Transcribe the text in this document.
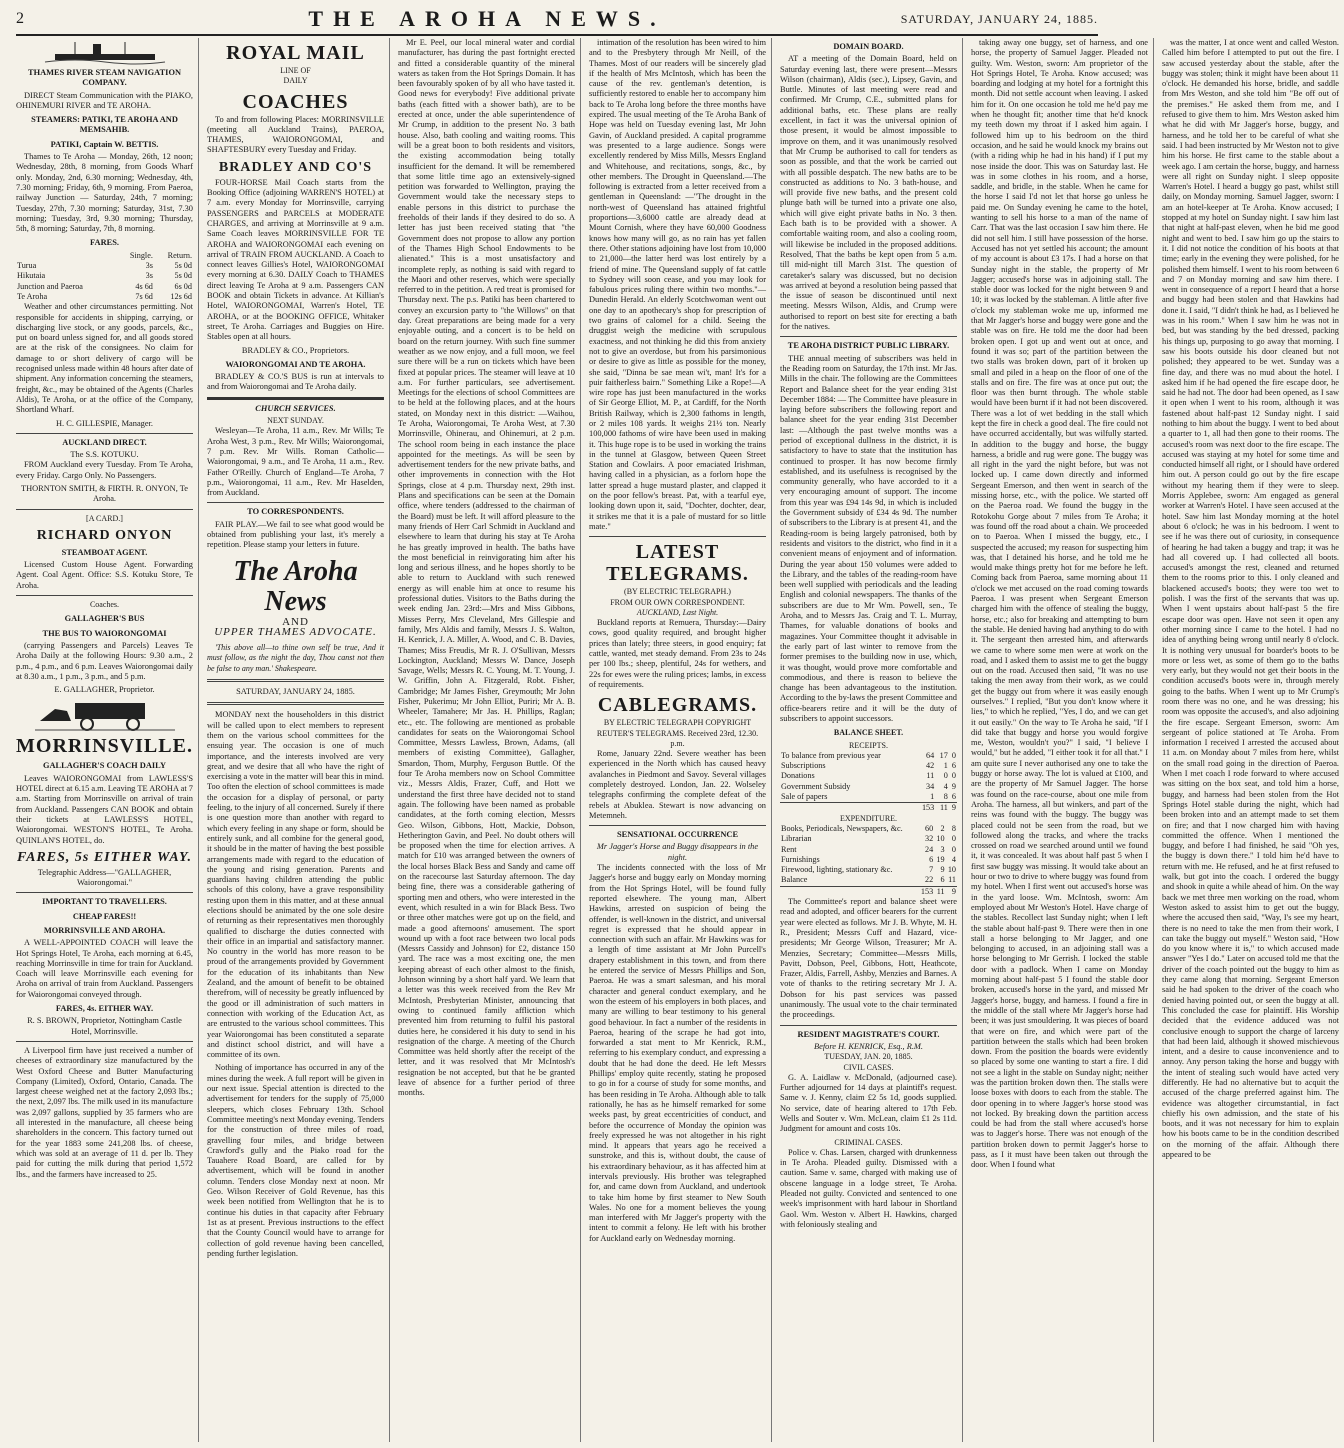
2	THE AROHA NEWS.	SATURDAY, JANUARY 24, 1885.
THAMES RIVER STEAM NAVIGATION COMPANY.

DIRECT Steam Communication with the PIAKO, OHINEMURI RIVER and TE AROHA.

STEAMERS: PATIKI, TE AROHA AND MEMSAHIB.
PATIKI, Captain W. BETTIS.

Thames to Te Aroha — Monday, 26th, 12 noon; Wednesday, 28th, 8 morning, from Goods Wharf only. Monday, 2nd, 6.30 morning; Wednesday, 4th, 7.30 morning; Friday, 6th, 9 morning. From Paeroa, railway Junction — Saturday, 24th, 7 morning; Tuesday, 27th, 7.30 morning; Saturday, 31st, 7.30 morning; Tuesday, 3rd, 9.30 morning; Thursday, 5th, 8 morning; Saturday, 7th, 8 morning.

FARES.
	Single.	Return.
Turua	3s	5s 0d
Hikutaia	3s	5s 0d
Junction and Paeroa	4s 6d	6s 0d
Te Aroha	7s 6d	12s 6d

Weather and other circumstances permitting. Not responsible for accidents in shipping, carrying, or discharging live stock, or any goods, parcels, &c., put on board unless signed for, and all goods stored are at the risk of the consignees. No claim for damage to or short delivery of cargo will be recognised unless made within 48 hours after date of shipment. Any information concerning the steamers, freight, &c., may be obtained of the Agents (Charles Aldis), Te Aroha, or at the office of the Company, Shortland Wharf.

H. C. GILLESPIE, Manager.
AUCKLAND DIRECT.
The S.S. KOTUKU.

FROM Auckland every Tuesday. From Te Aroha, every Friday. Cargo Only. No Passengers.

THORNTON SMITH, & FIRTH. R. ONYON, Te Aroha.
[A CARD.]
RICHARD ONYON
STEAMBOAT AGENT.

Licensed Custom House Agent. Forwarding Agent. Coal Agent. Office: S.S. Kotuku Store, Te Aroha.

Coaches.
GALLAGHER'S BUS
THE BUS TO WAIORONGOMAI

(carrying Passengers and Parcels) Leaves Te Aroha Daily at the following Hours: 9.30 a.m., 2 p.m., 4 p.m., and 6 p.m. Leaves Waiorongomai daily at 8.30 a.m., 1 p.m., 3 p.m., and 5 p.m.

E. GALLAGHER, Proprietor.
MORRINSVILLE.
GALLAGHER'S COACH DAILY

Leaves WAIORONGOMAI from LAWLESS'S HOTEL direct at 6.15 a.m. Leaving TE AROHA at 7 a.m. Starting from Morrinsville on arrival of train from Auckland. Passengers CAN BOOK and obtain their tickets at LAWLESS'S HOTEL, Waiorongomai. WESTON'S HOTEL, Te Aroha. QUINLAN'S HOTEL, do.

FARES, 5s EITHER WAY.
Telegraphic Address—"GALLAGHER, Waiorongomai."
IMPORTANT TO TRAVELLERS.
CHEAP FARES!!
MORRINSVILLE AND AROHA.

A WELL-APPOINTED COACH will leave the Hot Springs Hotel, Te Aroha, each morning at 6.45, reaching Morrinsville in time for train for Auckland. Coach will leave Morrinsville each evening for Aroha on arrival of train from Auckland. Passengers for Waiorongomai conveyed through.

FARES, 4s. EITHER WAY.
R. S. BROWN, Proprietor, Nottingham Castle Hotel, Morrinsville.

A Liverpool firm have just received a number of cheeses of extraordinary size manufactured by the West Oxford Cheese and Butter Manufacturing Company (Limited), Oxford, Ontario, Canada. The largest cheese weighed net at the factory 2,093 lbs.; the next, 2,097 lbs. The milk used in its manufacture was 2,097 gallons, supplied by 35 farmers who are all interested in the manufacture, all cheese being shareholders in the concern. This factory turned out for the year 1883 some 241,208 lbs. of cheese, which was sold at an average of 11 d. per lb. They paid for cutting the milk during that period 1,572 lbs., and the farmers have increased to 25.

ROYAL MAIL
LINE OF
DAILY
COACHES

To and from following Places: MORRINSVILLE (meeting all Auckland Trains), PAEROA, THAMES, WAIORONGOMAI, and SHAFTESBURY every Tuesday and Friday.

BRADLEY AND CO'S

FOUR-HORSE Mail Coach starts from the Booking Office (adjoining WARREN'S HOTEL) at 7 a.m. every Monday for Morrinsville, carrying PASSENGERS and PARCELS at MODERATE CHARGES, and arriving at Morrinsville at 9 a.m. Same Coach leaves MORRINSVILLE FOR TE AROHA and WAIORONGOMAI each evening on arrival of TRAIN FROM AUCKLAND. A Coach to connect leaves Gillies's Hotel, WAIORONGOMAI every morning at 6.30. DAILY Coach to THAMES direct leaving Te Aroha at 9 a.m. Passengers CAN BOOK and obtain Tickets in advance. At Killian's Hotel, WAIORONGOMAI, Warren's Hotel, TE AROHA, or at the BOOKING OFFICE, Whitaker street, Te Aroha. Carriages and Buggies on Hire. Stables open at all hours.

BRADLEY & CO., Proprietors.
WAIORONGOMAI AND TE AROHA.

BRADLEY & CO.'S BUS is run at intervals to and from Waiorongomai and Te Aroha daily.

CHURCH SERVICES.
NEXT SUNDAY.

Wesleyan—Te Aroha, 11 a.m., Rev. Mr Wills; Te Aroha West, 3 p.m., Rev. Mr Wills; Waiorongomai, 7 p.m. Rev. Mr Wills. Roman Catholic—Waiorongomai, 9 a.m., and Te Aroha, 11 a.m., Rev. Father O'Reilly. Church of England—Te Aroha, 7 p.m., Waiorongomai, 11 a.m., Rev. Mr Haselden, from Auckland.

TO CORRESPONDENTS.

FAIR PLAY.—We fail to see what good would be obtained from publishing your last, it's merely a repetition. Please stamp your letters in future.

The Aroha News
AND
UPPER THAMES ADVOCATE.

'This above all—to thine own self be true, And it must follow, as the night the day, Thou canst not then be false to any man.' Shakespeare.

SATURDAY, JANUARY 24, 1885.

MONDAY next the householders in this district will be called upon to elect members to represent them on the various school committees for the ensuing year. The occasion is one of much importance, and the interests involved are very great, and we desire that all who have the right of exercising a vote in the matter will bear this in mind. Too often the election of school committees is made the occasion for a display of personal, or party feeling, to the injury of all concerned. Surely if there is one question more than another with regard to which every feeling in any shape or form, should be entirely sunk, and all combine for the general good, it should be in the matter of having the best possible arrangements made with regard to the education of the young and rising generation. Parents and guardians having children attending the public schools of this colony, have a grave responsibility resting upon them in this matter, and at these annual elections should be animated by the one sole desire of returning as their representatives men thoroughly qualified to discharge the duties connected with their office in an impartial and satisfactory manner. No country in the world has more reason to be proud of the arrangements provided by Government for the education of its inhabitants than New Zealand, and the amount of benefit to be obtained therefrom, will of necessity be greatly influenced by the good or ill administration of such matters in connection with working of the Education Act, as are entrusted to the various school committees. This year Waiorongomai has been constituted a separate and distinct school district, and will have a committee of its own.

Nothing of importance has occurred in any of the mines during the week. A full report will be given in our next issue. Special attention is directed to the advertisement for tenders for the supply of 75,000 sleepers, which closes February 13th. School Committee meeting's next Monday evening. Tenders for the construction of three miles of road, gravelling four miles, and bridge between Crawford's gully and the Piako road for the Tauahere Road Board, are called for by advertisement, which will be found in another column. Tenders close Monday next at noon. Mr Geo. Wilson Receiver of Gold Revenue, has this week been notified from Wellington that he is to continue his duties in that capacity after February 1st as at present. Previous instructions to the effect that the County Council would have to arrange for collection of gold revenue having been cancelled, pending further legislation.

Mr E. Peel, our local mineral water and cordial manufacturer, has during the past fortnight erected and fitted a considerable quantity of the mineral waters as taken from the Hot Springs Domain. It has been favourably spoken of by all who have tasted it. Good news for everybody! Five additional private baths (each fitted with a shower bath), are to be erected at once, under the able superintendence of Mr Crump, in addition to the present No. 3 bath house. Also, bath cooling and waiting rooms. This will be a great boon to both residents and visitors, the existing accommodation being totally insufficient for the demand. It will be remembered that some little time ago an extensively-signed petition was forwarded to Wellington, praying the Government would take the necessary steps to enable persons in this district to purchase the freeholds of their lands if they desired to do so. A letter has just been received stating that "the Government does not propose to allow any portion of the Thames High School Endowments to be alienated." This is a most unsatisfactory and incomplete reply, as nothing is said with regard to the Maori and other reserves, which were specially referred to in the petition. A red treat is promised for Thursday next. The p.s. Patiki has been chartered to convey an excursion party to "the Willows" on that day. Great preparations are being made for a very enjoyable outing, and a concert is to be held on board on the return journey. With such fine summer weather as we now enjoy, and a full moon, we feel sure there will be a run on tickets which have been fixed at popular prices. The steamer will leave at 10 a.m. For further particulars, see advertisement. Meetings for the elections of school Committees are to be held at the following places, and at the hours stated, on Monday next in this district: —Waihou, Te Aroha, Waiorongomai, Te Aroha West, at 7.30 Morrinsville, Ohinerau, and Ohinemuri, at 2 p.m. The school room being in each instance the place appointed for the meetings. As will be seen by advertisement tenders for the new private baths, and other improvements in connection with the Hot Springs, close at 4 p.m. Thursday next, 29th inst. Plans and specifications can be seen at the Domain office, where tenders (addressed to the chairman of the Board) must be left. It will afford pleasure to the many friends of Herr Carl Schmidt in Auckland and elsewhere to learn that during his stay at Te Aroha he has greatly improved in health. The baths have the most beneficial in reinvigorating him after his long and serious illness, and he hopes shortly to be able to return to Auckland with such renewed energy as will enable him at once to resume his professional duties. Visitors to the Baths during the week ending Jan. 23rd:—Mrs and Miss Gibbons, Misses Perry, Mrs Cleveland, Mrs Gillespie and family, Mrs Aldis and family, Messrs J. S. Walton, H. Kenrick, J. A. Miller, A. Wood, and C. B. Davies, Thames; Miss Freudis, Mr R. J. O'Sullivan, Messrs Lockington, Auckland; Messrs W. Dance, Joseph Savage, Wells; Messrs R. C. Young, M. T. Young, J. W. Griffin, John A. Fitzgerald, Robt. Fisher, Cambridge; Mr James Fisher, Greymouth; Mr John Fisher, Pukerimu; Mr John Elliot, Puriri; Mr A. B. Wheeler, Tamahere; Mr Jas. H. Phillips, Raglan; etc., etc. The following are mentioned as probable candidates for seats on the Waiorongomai School Committee, Messrs Lawless, Brown, Adams, (all members of existing Committee), Gallagher, Smardon, Thom, Murphy, Ferguson Buttle. Of the four Te Aroha members now on School Committee viz., Messrs Aldis, Frazer, Cuff, and Hott we understand the first three have decided not to stand again. The following have been named as probable candidates, at the forth coming election, Messrs Geo. Wilson, Gibbons, Hott, Mackie, Dobson, Hetherington Gavin, and Peel. No doubt others will be proposed when the time for election arrives. A match for £10 was arranged between the owners of the local horses Black Bess and Sandy and came off on the racecourse last Saturday afternoon. The day being fine, there was a considerable gathering of sporting men and others, who were interested in the event, which resulted in a win for Black Bess. Two or three other matches were got up on the field, and made a good afternoons' amusement. The sport wound up with a foot race between two local pods (Messrs Cassidy and Johnson) for £2, distance 150 yard. The race was a most exciting one, the men keeping abreast of each other almost to the finish, Johnson winning by a short half yard. We learn that a letter was this week received from the Rev Mr McIntosh, Presbyterian Minister, announcing that owing to continued family affliction which prevented him from returning to fulfil his pastoral duties here, he considered it his duty to send in his resignation of the charge. A meeting of the Church Committee was held shortly after the receipt of the letter, and it was resolved that Mr McIntosh's resignation be not accepted, but that he be granted leave of absence for a further period of three months.

intimation of the resolution has been wired to him and to the Presbytery through Mr Neill, of the Thames. Most of our readers will be sincerely glad if the health of Mrs McIntosh, which has been the cause of the rev. gentleman's detention, is sufficiently restored to enable her to accompany him back to Te Aroha long before the three months have expired. The usual meeting of the Te Aroha Bank of Hope was held on Tuesday evening last, Mr John Gavin, of Auckland presided. A capital programme was presented to a large audience. Songs were excellently rendered by Miss Mills, Messrs England and Whitehouse, and recitations, songs, &c., by other members. The Drought in Queensland.—The following is extracted from a letter received from a gentleman in Queensland: —"The drought in the north-west of Queensland has attained frightful proportions—3,6000 cattle are already dead at Mount Cornish, where they have 60,000 Goodness knows how many will go, as no rain has yet fallen there. Other stations adjoining have lost from 10,000 to 21,000—the latter herd was lost entirely by a friend of mine. The Queensland supply of fat cattle to Sydney will soon cease, and you may look for fabulous prices ruling there within two months."—Dunedin Herald. An elderly Scotchwoman went out one day to an apothecary's shop for prescription of two grains of calomel for a child. Seeing the druggist weigh the medicine with scrupulous exactness, and not thinking he did this from anxiety not to give an overdose, but from his parsimonious or desire to give as little as possible for the money, she said, "Dinna be sae mean wi't, man! It's for a puir faitherless bairn." Something Like a Rope!—A wire rope has just been manufactured in the works of Sir George Elliot, M. P., at Cardiff, for the North British Railway, which is 2,300 fathoms in length, or 2 miles 108 yards. It weighs 21½ ton. Nearly 100,000 fathoms of wire have been used in making it. This huge rope is to be used in working the trains in the tunnel at Glasgow, between Queen Street Station and Cowlairs. A poor emaciated Irishman, having called in a physician, as a forlorn hope the latter spread a huge mustard plaster, and clapped it on the poor fellow's breast. Pat, with a tearful eye, looking down upon it, said, "Dochter, dochter, dear, it strikes me that it is a pale of mustard for so little mate."

LATEST TELEGRAMS.
(BY ELECTRIC TELEGRAPH.)
FROM OUR OWN CORRESPONDENT.
AUCKLAND, Last Night.

Buckland reports at Remuera, Thursday:—Dairy cows, good quality required, and brought higher prices than lately; three steers, in good enquiry; fat cattle, wanted, met steady demand. From 23s to 24s per 100 lbs.; sheep, plentiful, 24s for wethers, and 22s for ewes were the ruling prices; lambs, in excess of requirements.

CABLEGRAMS.
BY ELECTRIC TELEGRAPH COPYRIGHT
REUTER'S TELEGRAMS. Received 23rd, 12.30. p.m.

Rome, January 22nd. Severe weather has been experienced in the North which has caused heavy avalanches in Piedmont and Savoy. Several villages completely destroyed. London, Jan. 22. Wolseley telegraphs confirming the complete defeat of the rebels at Abuklea. Stewart is now advancing on Metemneh.

SENSATIONAL OCCURRENCE
Mr Jagger's Horse and Buggy disappears in the night.

The incidents connected with the loss of Mr Jagger's horse and buggy early on Monday morning from the Hot Springs Hotel, will be found fully reported elsewhere. The young man, Albert Hawkins, arrested on suspicion of being the offender, is well-known in the district, and universal regret is expressed that he should appear in connection with such an affair. Mr Hawkins was for a length of time assistant at Mr John Purcell's drapery establishment in this town, and from there he entered the service of Messrs Phillips and Son, Paeroa. He was a smart salesman, and his moral character and general conduct exemplary, and he won the esteem of his employers in both places, and many are willing to bear testimony to his general good behaviour. In fact a number of the residents in Paeroa, hearing of the scrape he had got into, forwarded a stat ment to Mr Kenrick, R.M., referring to his exemplary conduct, and expressing a doubt that he had done the deed. He left Messrs Phillips' employ quite recently, stating he proposed to go in for a course of study for some months, and has been residing in Te Aroha. Although able to talk rationally, he has as he himself remarked for some weeks past, by great eccentricities of conduct, and before the occurrence of Monday the opinion was freely expressed he was not altogether in his right mind. It appears that years ago he received a sunstroke, and this is, without doubt, the cause of his extraordinary behaviour, as it has affected him at intervals previously. His brother was telegraphed for, and came down from Auckland, and undertook to take him home by first steamer to New South Wales. No one for a moment believes the young man interfered with Mr Jagger's property with the intent to commit a felony. He left with his brother for Auckland early on Wednesday morning.

DOMAIN BOARD.

AT a meeting of the Domain Board, held on Saturday evening last, there were present—Messrs Wilson (chairman), Aldis (sec.), Lipsey, Gavin, and Buttle. Minutes of last meeting were read and confirmed. Mr Crump, C.E., submitted plans for additional baths, etc. These plans are really excellent, in fact it was the universal opinion of those present, it would be almost impossible to improve on them, and it was unanimously resolved that Mr Crump be authorised to call for tenders as soon as possible, and that the work be carried out with all possible despatch. The new baths are to be constructed as additions to No. 3 bath-house, and will provide five new baths, and the present cold plunge bath will be turned into a private one also, which will give eight private baths in No. 3 then. Each bath is to be provided with a shower. A comfortable waiting room, and also a cooling room, will likewise be included in the proposed additions. Resolved, That the baths be kept open from 5 a.m. till mid-night till March 31st. The question of caretaker's salary was discussed, but no decision was arrived at beyond a resolution being passed that the issue of season be discontinued until next meeting. Messrs Wilson, Aldis, and Crump were authorised to report on best site for erecting a bath for the natives.

TE AROHA DISTRICT PUBLIC LIBRARY.

THE annual meeting of subscribers was held in the Reading room on Saturday, the 17th inst. Mr Jas. Mills in the chair. The following are the Committees Report and Balance sheet for the year ending 31st December 1884: — The Committee have pleasure in laying before subscribers the following report and balance sheet for the year ending 31st December last: —Although the past twelve months was a period of exceptional dullness in the district, it is satisfactory to have to state that the institution has continued to prosper. It has now become firmly established, and its usefulness is recognised by the community generally, who have accorded to it a very encouraging amount of support. The income from this year was £94 14s 9d, in which is included the Government subsidy of £34 4s 9d. The number of subscribers to the Library is at present 41, and the Reading-room is being largely patronised, both by residents and visitors to the district, who find in it a convenient means of enjoyment and of information. During the year about 150 volumes were added to the Library, and the tables of the reading-room have been well supplied with periodicals and the leading English and colonial newspapers. The thanks of the subscribers are due to Mr Wm. Powell, sen., Te Aroha, and to Messrs Jas. Craig and T. L. Murray, Thames, for valuable donations of books and magazines. Your Committee thought it advisable in the early part of last winter to remove from the former premises to the building now in use, which, it was thought, would prove more comfortable and commodious, and there is reason to believe the change has been advantageous to the institution. According to the by-laws the present Committee and office-bearers retire and it will be the duty of subscribers to appoint successors.

BALANCE SHEET.
RECEIPTS.
To balance from previous year	64	17	0
Subscriptions	42	1	6
Donations	11	0	0
Government Subsidy	34	4	9
Sale of papers	1	8	6
	153	11	9
EXPENDITURE.
Books, Periodicals, Newspapers, &c.	60	2	8
Librarian	32	10	0
Rent	24	3	0
Furnishings	6	19	4
Firewood, lighting, stationary &c.	7	9	10
Balance	22	6	11
	153	11	9

The Committee's report and balance sheet were read and adopted, and officer bearers for the current year were elected as follows. Mr J. B. Whyte, M. H. R., President; Messrs Cuff and Hazard, vice-presidents; Mr George Wilson, Treasurer; Mr A. Menzies, Secretary; Committee—Messrs Mills, Pavitt, Dobson, Peel, Gibbons, Hott, Heathcote, Frazer, Aldis, Farrell, Ashby, Menzies and Barnes. A vote of thanks to the retiring secretary Mr J. A. Dobson for his past services was passed unanimously. The usual vote to the chair terminated the proceedings.

RESIDENT MAGISTRATE'S COURT.
Before H. KENRICK, Esq., R.M.
TUESDAY, JAN. 20, 1885.
CIVIL CASES.

G. A. Laidlaw v. McDonald, (adjourned case). Further adjourned for 14 days at plaintiff's request. Same v. J. Kenny, claim £2 5s 1d, goods supplied. No service, date of hearing altered to 17th Feb. Wells and Souter v. Wm. McLean, claim £1 2s 11d. Judgment for amount and costs 10s.

CRIMINAL CASES.

Police v. Chas. Larsen, charged with drunkenness in Te Aroha. Pleaded guilty. Dismissed with a caution. Same v. same, charged with making use of obscene language in a lodge street, Te Aroha. Pleaded not guilty. Convicted and sentenced to one week's imprisonment with hard labour in Shortland Gaol. Wm. Weston v. Albert H. Hawkins, charged with feloniously stealing and

taking away one buggy, set of harness, and one horse, the property of Samuel Jagger. Pleaded not guilty. Wm. Weston, sworn: Am proprietor of the Hot Springs Hotel, Te Aroha. Know accused; was boarding and lodging at my hotel for a fortnight this month. Did not settle account when leaving. I asked him for it. On one occasion he told me he'd pay me when he thought fit; another time that he'd knock my teeth down my throat if I asked him again. I followed him up to his bedroom on the third occasion, and he said he would knock my brains out (with a riding whip he had in his hand) if I put my nose inside the door. This was on Saturday last. He was in some clothes in his room, and a horse, saddle, and bridle, in the stable. When he came for the horse I said I'd not let that horse go unless he paid me. On Sunday evening he came to the hotel, wanting to sell his horse to a man of the name of Carr. That was the last occasion I saw him there. He did not sell him. I still have possession of the horse. Accused has not yet settled his account; the amount of my account is about £3 17s. I had a horse on that Sunday night in the stable, the property of Mr Jagger; accused's horse was in adjoining stall. The stable door was locked for the night between 9 and 10; it was locked by the stableman. A little after five o'clock my stableman woke me up, informed me that Mr Jagger's horse and buggy were gone and the stable was on fire. He told me the door had been broken open. I got up and went out at once, and found it was so; part of the partition between the two stalls was broken down, part of it broken up small and piled in a heap on the floor of one of the stalls and on fire. The fire was at once put out; the floor was then burnt through. The whole stable would have been burnt if it had not been discovered. There was a lot of wet bedding in the stall which kept the fire in check a good deal. The fire could not have occurred accidentally, but was wilfully started. In addition to the buggy and horse, the buggy harness, a bridle and rug were gone. The buggy was all right in the yard the night before, but was not locked up. I came down directly and informed Sergeant Emerson, and then went in search of the missing horse, etc., with the police. We started off on the Paeroa road. We found the buggy in the Rotokohu Gorge about 7 miles from Te Aroha; it was found off the road about a chain. We proceeded on to Paeroa. When I missed the buggy, etc., I suspected the accused; my reason for suspecting him was, that I detained his horse, and he told me he would make things pretty hot for me before he left. Coming back from Paeroa, same morning about 11 o'clock we met accused on the road coming towards Paeroa. I was present when Sergeant Emerson charged him with the offence of stealing the buggy, horse, etc.; also for breaking and attempting to burn the stable. He denied having had anything to do with it. The sergeant then arrested him, and afterwards we came to where some men were at work on the road, and I asked them to assist me to get the buggy out on the road. Accused then said, "It was no use taking the men away from their work, as we could get the buggy out from where it was easily enough ourselves." I replied, "But you don't know where it lies," to which he replied, "Yes, I do, and we can get it out easily." On the way to Te Aroha he said, "If I did take that buggy and horse you would forgive me, Weston, wouldn't you?" I said, "I believe I would," but he added, "I either took it for all that." I am quite sure I never authorised any one to take the buggy or horse away. The lot is valued at £100, and are the property of Mr Samuel Jagger. The horse was found on the race-course, about one mile from Aroha. The harness, all but winkers, and part of the reins was found with the buggy. The buggy was placed could not be seen from the road, but we followed along the tracks, and where the tracks crossed on road we searched around until we found it, it was concealed. It was about half past 5 when I first saw buggy was missing. It would take about an hour or two to drive to where buggy was found from my hotel. When I first went out accused's horse was in the yard loose. Wm. McIntosh, sworn: Am employed about Mr Weston's Hotel. Have charge of the stables. Recollect last Sunday night; when I left the stable about half-past 9. There were then in one stall a horse belonging to Mr Jagger, and one belonging to accused, in an adjoining stall was a horse belonging to Mr Gerrish. I locked the stable door with a padlock. When I came on Monday morning about half-past 5 I found the stable door broken, accused's horse in the yard, and missed Mr Jagger's horse, buggy, and harness. I found a fire in the middle of the stall where Mr Jagger's horse had been; it was just smouldering. It was pieces of board that were on fire, and which were part of the partition between the stalls which had been broken down. From the position the boards were evidently so placed by some one wanting to start a fire. I did not see a light in the stable on Sunday night; neither was the partition broken down then. The stalls were loose boxes with doors to each from the stable. The door opening in to where Jagger's horse stood was not locked. By breaking down the partition access could be had from the stall where accused's horse was to Jagger's horse. There was not enough of the partition broken down to permit Jagger's horse to pass, as I it must have been taken out through the door. When I found what

was the matter, I at once went and called Weston. Called him before I attempted to put out the fire. I saw accused yesterday about the stable, after the buggy was stolen; think it might have been about 11 o'clock. He demanded his horse, bridle, and saddle from Mrs Weston, and she told him "Be off out of the premises." He asked them from me, and I refused to give them to him. Mrs Weston asked him what he did with Mr Jagger's horse, buggy, and harness, and he told her to be careful of what she said. I had been instructed by Mr Weston not to give him his horse. He first came to the stable about a week ago. I am certain the horse, buggy, and harness were all right on Sunday night. I sleep opposite Warren's Hotel. I heard a buggy go past, whilst still daily, on Monday morning. Samuel Jagger, sworn: I am an hotel-keeper at Te Aroha. Know accused; I stopped at my hotel on Sunday night. I saw him last that night at half-past eleven, when he bid me good night and went to bed. I saw him go up the stairs to it. I did not notice the condition of his boots at that time; early in the evening they were polished, for he polished them himself. I went to his room between 6 and 7 on Monday morning and saw him there. I went in consequence of a report I heard that a horse and buggy had been stolen and that Hawkins had done it. I said, "I didn't think he had, as I believed he was in his room." When I saw him he was not in bed, but was standing by the bed dressed, packing his things up, purposing to go away that morning. I saw his boots outside his door cleaned but not polished; they appeared to be wet. Sunday was a fine day, and there was no mud about the hotel. I asked him if he had opened the fire escape door, he said he had not. The door had been opened, as I saw it open when I went to his room, although it was fastened about half-past 12 Sunday night. I said nothing to him about the buggy. I went to bed about a quarter to 1, all had then gone to their rooms. The accused's room was next door to the fire escape. The accused was staying at my hotel for some time and conducted himself all right, or I should have ordered him out. A person could go out by the fire escape without my hearing them if they were to sleep. Morris Applebee, sworn: Am engaged as general worker at Warren's Hotel. I have seen accused at the hotel. Saw him last Monday morning at the hotel about 6 o'clock; he was in his bedroom. I went to see if he was there out of curiosity, in consequence of hearing he had taken a buggy and trap; it was he had all covered up. I had collected all boots. accused's amongst the rest, cleaned and returned them to the rooms prior to this. I only cleaned and blackened accused's boots; they were too wet to polish. I was the first of the servants that was up. When I went upstairs about half-past 5 the fire escape door was open. Have not seen it open any other morning since I came to the hotel. I had no idea of anything being wrong until nearly 8 o'clock. It is nothing very unusual for boarder's boots to be more or less wet, as some of them go to the baths very early, but they would not get their boots in the condition accused's boots were in, through merely going to the baths. When I went up to Mr Crump's room there was no one, and he was dressing; his room was opposite the accused's, and also adjoining the fire escape. Sergeant Emerson, sworn: Am sergeant of police stationed at Te Aroha. From information I received I arrested the accused about 11 a.m. on Monday about 7 miles from here, whilst on the small road going in the direction of Paeroa. When I met coach I rode forward to where accused was sitting on the box seat, and told him a horse, buggy, and harness had been stolen from the Hot Springs Hotel stable during the night, which had been broken into and an attempt made to set them on fire; and that I now charged him with having committed the offence. When I mentioned the buggy, and before I had finished, he said "Oh yes, the buggy is down there." I told him he'd have to return with me. He refused, and he at first refused to walk, but got into the coach. I ordered the buggy and shook in quite a while ahead of him. On the way back we met three men working on the road, whom Weston asked to assist him to get out the buggy, where the accused then said, "Way, I's see my heart, there is no need to take the men from their work, I can take the buggy out myself." Weston said, "How do you know where it is," to which accused made answer "Yes I do." Later on accused told me that the driver of the coach pointed out the buggy to him as they came along that morning. Sergeant Emerson said he had spoken to the driver of the coach who denied having pointed out, or seen the buggy at all. This concluded the case for plaintiff. His Worship decided that the evidence adduced was not conclusive enough to support the charge of larceny that had been laid, although it showed mischievous intent, and a desire to cause inconvenience and to annoy. Any person taking the horse and buggy with the intent of stealing such would have acted very differently. He had no alternative but to acquit the accused of the charge preferred against him. The evidence was altogether circumstantial, in fact chiefly his own admission, and the state of his boots, and it was not necessary for him to explain how his boots came to be in the condition described on the morning of the affair. Although there appeared to be
